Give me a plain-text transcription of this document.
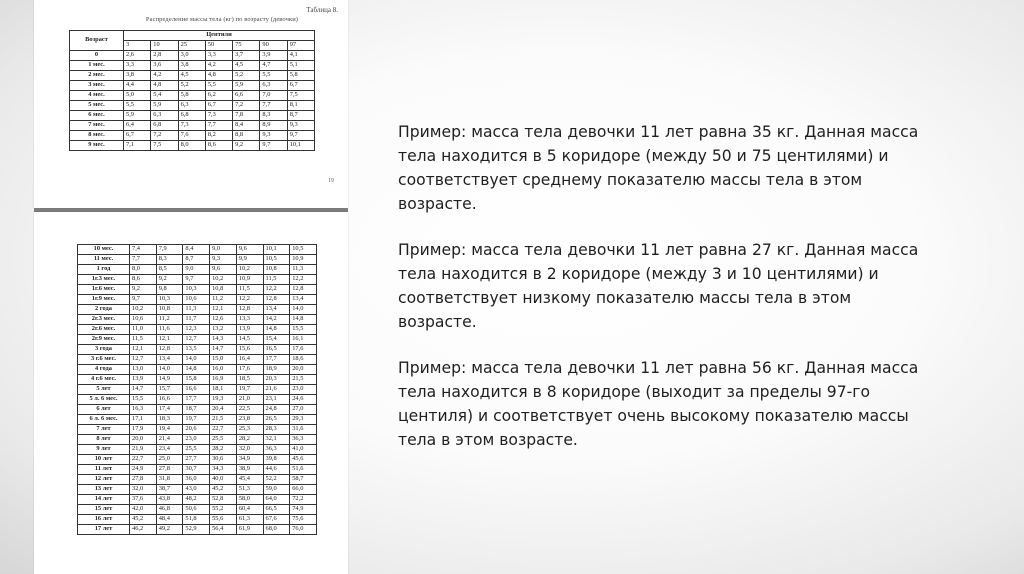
Таблица 8.
Распределение массы тела (кг) по возрасту (девочки)
19
Возраст	Центили						
	3	10	25	50	75	90	97
0	2,6	2,8	3,0	3,3	3,7	3,9	4,1
1 мес.	3,3	3,6	3,8	4,2	4,5	4,7	5,1
2 мес.	3,8	4,2	4,5	4,8	5,2	5,5	5,8
3 мес.	4,4	4,8	5,2	5,5	5,9	6,3	6,7
4 мес.	5,0	5,4	5,8	6,2	6,6	7,0	7,5
5 мес.	5,5	5,9	6,3	6,7	7,2	7,7	8,1
6 мес.	5,9	6,3	6,8	7,3	7,8	8,3	8,7
7 мес.	6,4	6,8	7,3	7,7	8,4	8,9	9,3
8 мес.	6,7	7,2	7,6	8,2	8,8	9,3	9,7
9 мес.	7,1	7,5	8,0	8,6	9,2	9,7	10,1
10 мес.	7,4	7,9	8,4	9,0	9,6	10,1	10,5
11 мес.	7,7	8,3	8,7	9,3	9,9	10,5	10,9
1 год	8,0	8,5	9,0	9,6	10,2	10,8	11,3
1г.3 мес.	8,6	9,2	9,7	10,2	10,9	11,5	12,2
1г.6 мес.	9,2	9,8	10,3	10,8	11,5	12,2	12,8
1г.9 мес.	9,7	10,3	10,6	11,2	12,2	12,8	13,4
2 года	10,2	10,8	11,3	12,1	12,8	13,4	14,0
2г.3 мес.	10,6	11,2	11,7	12,6	13,3	14,2	14,8
2г.6 мес.	11,0	11,6	12,3	13,2	13,9	14,8	15,5
2г.9 мес.	11,5	12,1	12,7	14,3	14,5	15,4	16,1
3 года	12,1	12,8	13,5	14,7	15,6	16,5	17,6
3 г.6 мес.	12,7	13,4	14,0	15,0	16,4	17,7	18,6
4 года	13,0	14,0	14,8	16,0	17,6	18,9	20,0
4 г.6 мес.	13,9	14,9	15,8	16,9	18,5	20,3	21,5
5 лет	14,7	15,7	16,6	18,1	19,7	21,6	23,0
5 л. 6 мес.	15,5	16,6	17,7	19,3	21,0	23,1	24,6
6 лет	16,3	17,4	18,7	20,4	22,5	24,8	27,0
6 л. 6 мес.	17,1	18,3	19,7	21,5	23,8	26,5	29,3
7 лет	17,9	19,4	20,6	22,7	25,3	28,3	31,6
8 лет	20,0	21,4	23,0	25,5	28,2	32,1	36,3
9 лет	21,9	23,4	25,5	28,2	32,0	36,3	41,0
10 лет	22,7	25,0	27,7	30,6	34,9	39,8	45,6
11 лет	24,9	27,8	30,7	34,3	38,9	44,6	51,6
12 лет	27,8	31,8	36,0	40,0	45,4	52,2	58,7
13 лет	32,0	38,7	43,0	45,2	51,3	59,0	66,0
14 лет	37,6	43,8	48,2	52,8	58,0	64,0	72,2
15 лет	42,0	46,8	50,6	55,2	60,4	66,5	74,9
16 лет	45,2	48,4	51,8	55,6	61,3	67,6	75,6
17 лет	46,2	49,2	52,9	56,4	61,9	68,0	76,0

Пример: масса тела девочки 11 лет равна 35 кг. Данная масса тела находится в 5 коридоре (между 50 и 75 центилями) и соответствует среднему показателю массы тела в этом возрасте.

Пример: масса тела девочки 11 лет равна 27 кг. Данная масса тела находится в 2 коридоре (между 3 и 10 центилями) и соответствует низкому показателю массы тела в этом возрасте.

Пример: масса тела девочки 11 лет равна 56 кг. Данная масса тела находится в 8 коридоре (выходит за пределы 97-го центиля) и соответствует очень высокому показателю массы тела в этом возрасте.
